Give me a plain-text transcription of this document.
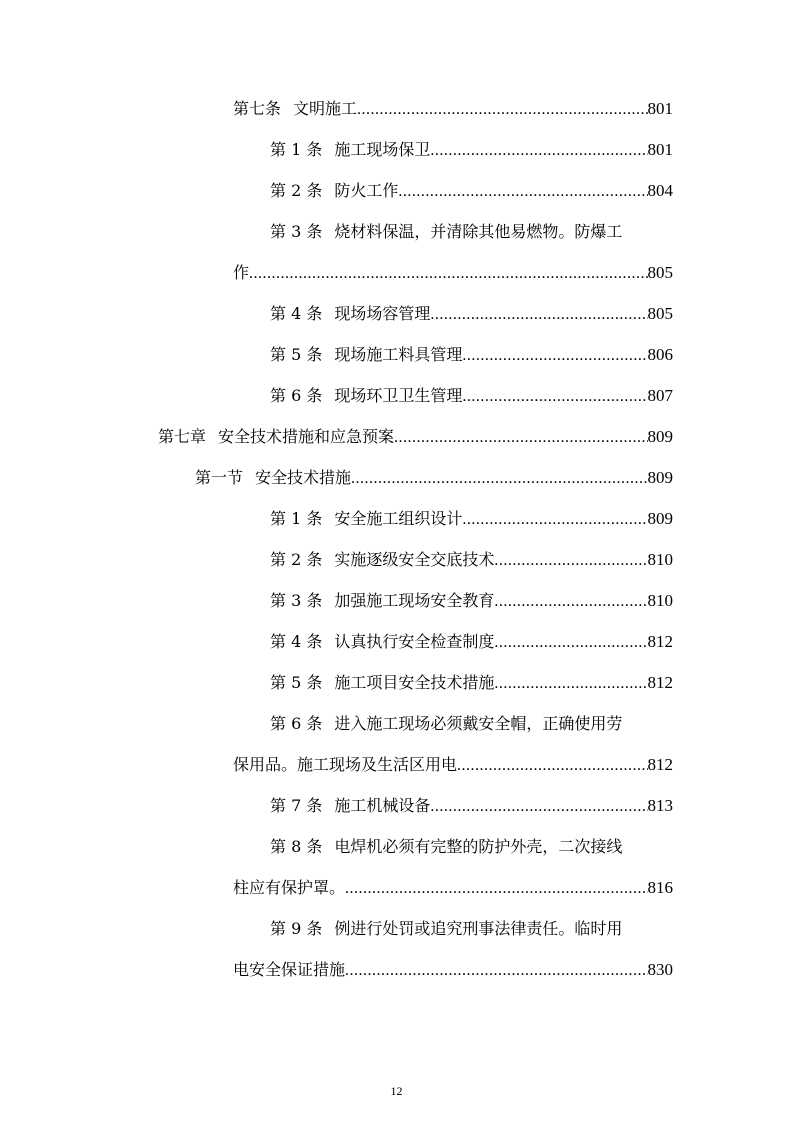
第七条 文明施工 .....	801
第 1 条 施工现场保卫 .....	801
第 2 条 防火工作 .....	804
第 3 条 烧材料保温，并清除其他易燃物。防爆工
作 .....	805
第 4 条 现场场容管理 .....	805
第 5 条 现场施工料具管理 .....	806
第 6 条 现场环卫卫生管理 .....	807
第七章 安全技术措施和应急预案 .....	809
第一节 安全技术措施 .....	809
第 1 条 安全施工组织设计 .....	809
第 2 条 实施逐级安全交底技术 .....	810
第 3 条 加强施工现场安全教育 .....	810
第 4 条 认真执行安全检查制度 .....	812
第 5 条 施工项目安全技术措施 .....	812
第 6 条 进入施工现场必须戴安全帽，正确使用劳
保用品。施工现场及生活区用电 .....	812
第 7 条 施工机械设备 .....	813
第 8 条 电焊机必须有完整的防护外壳，二次接线
柱应有保护罩。 .....	816
第 9 条 例进行处罚或追究刑事法律责任。临时用
电安全保证措施 .....	830
12
